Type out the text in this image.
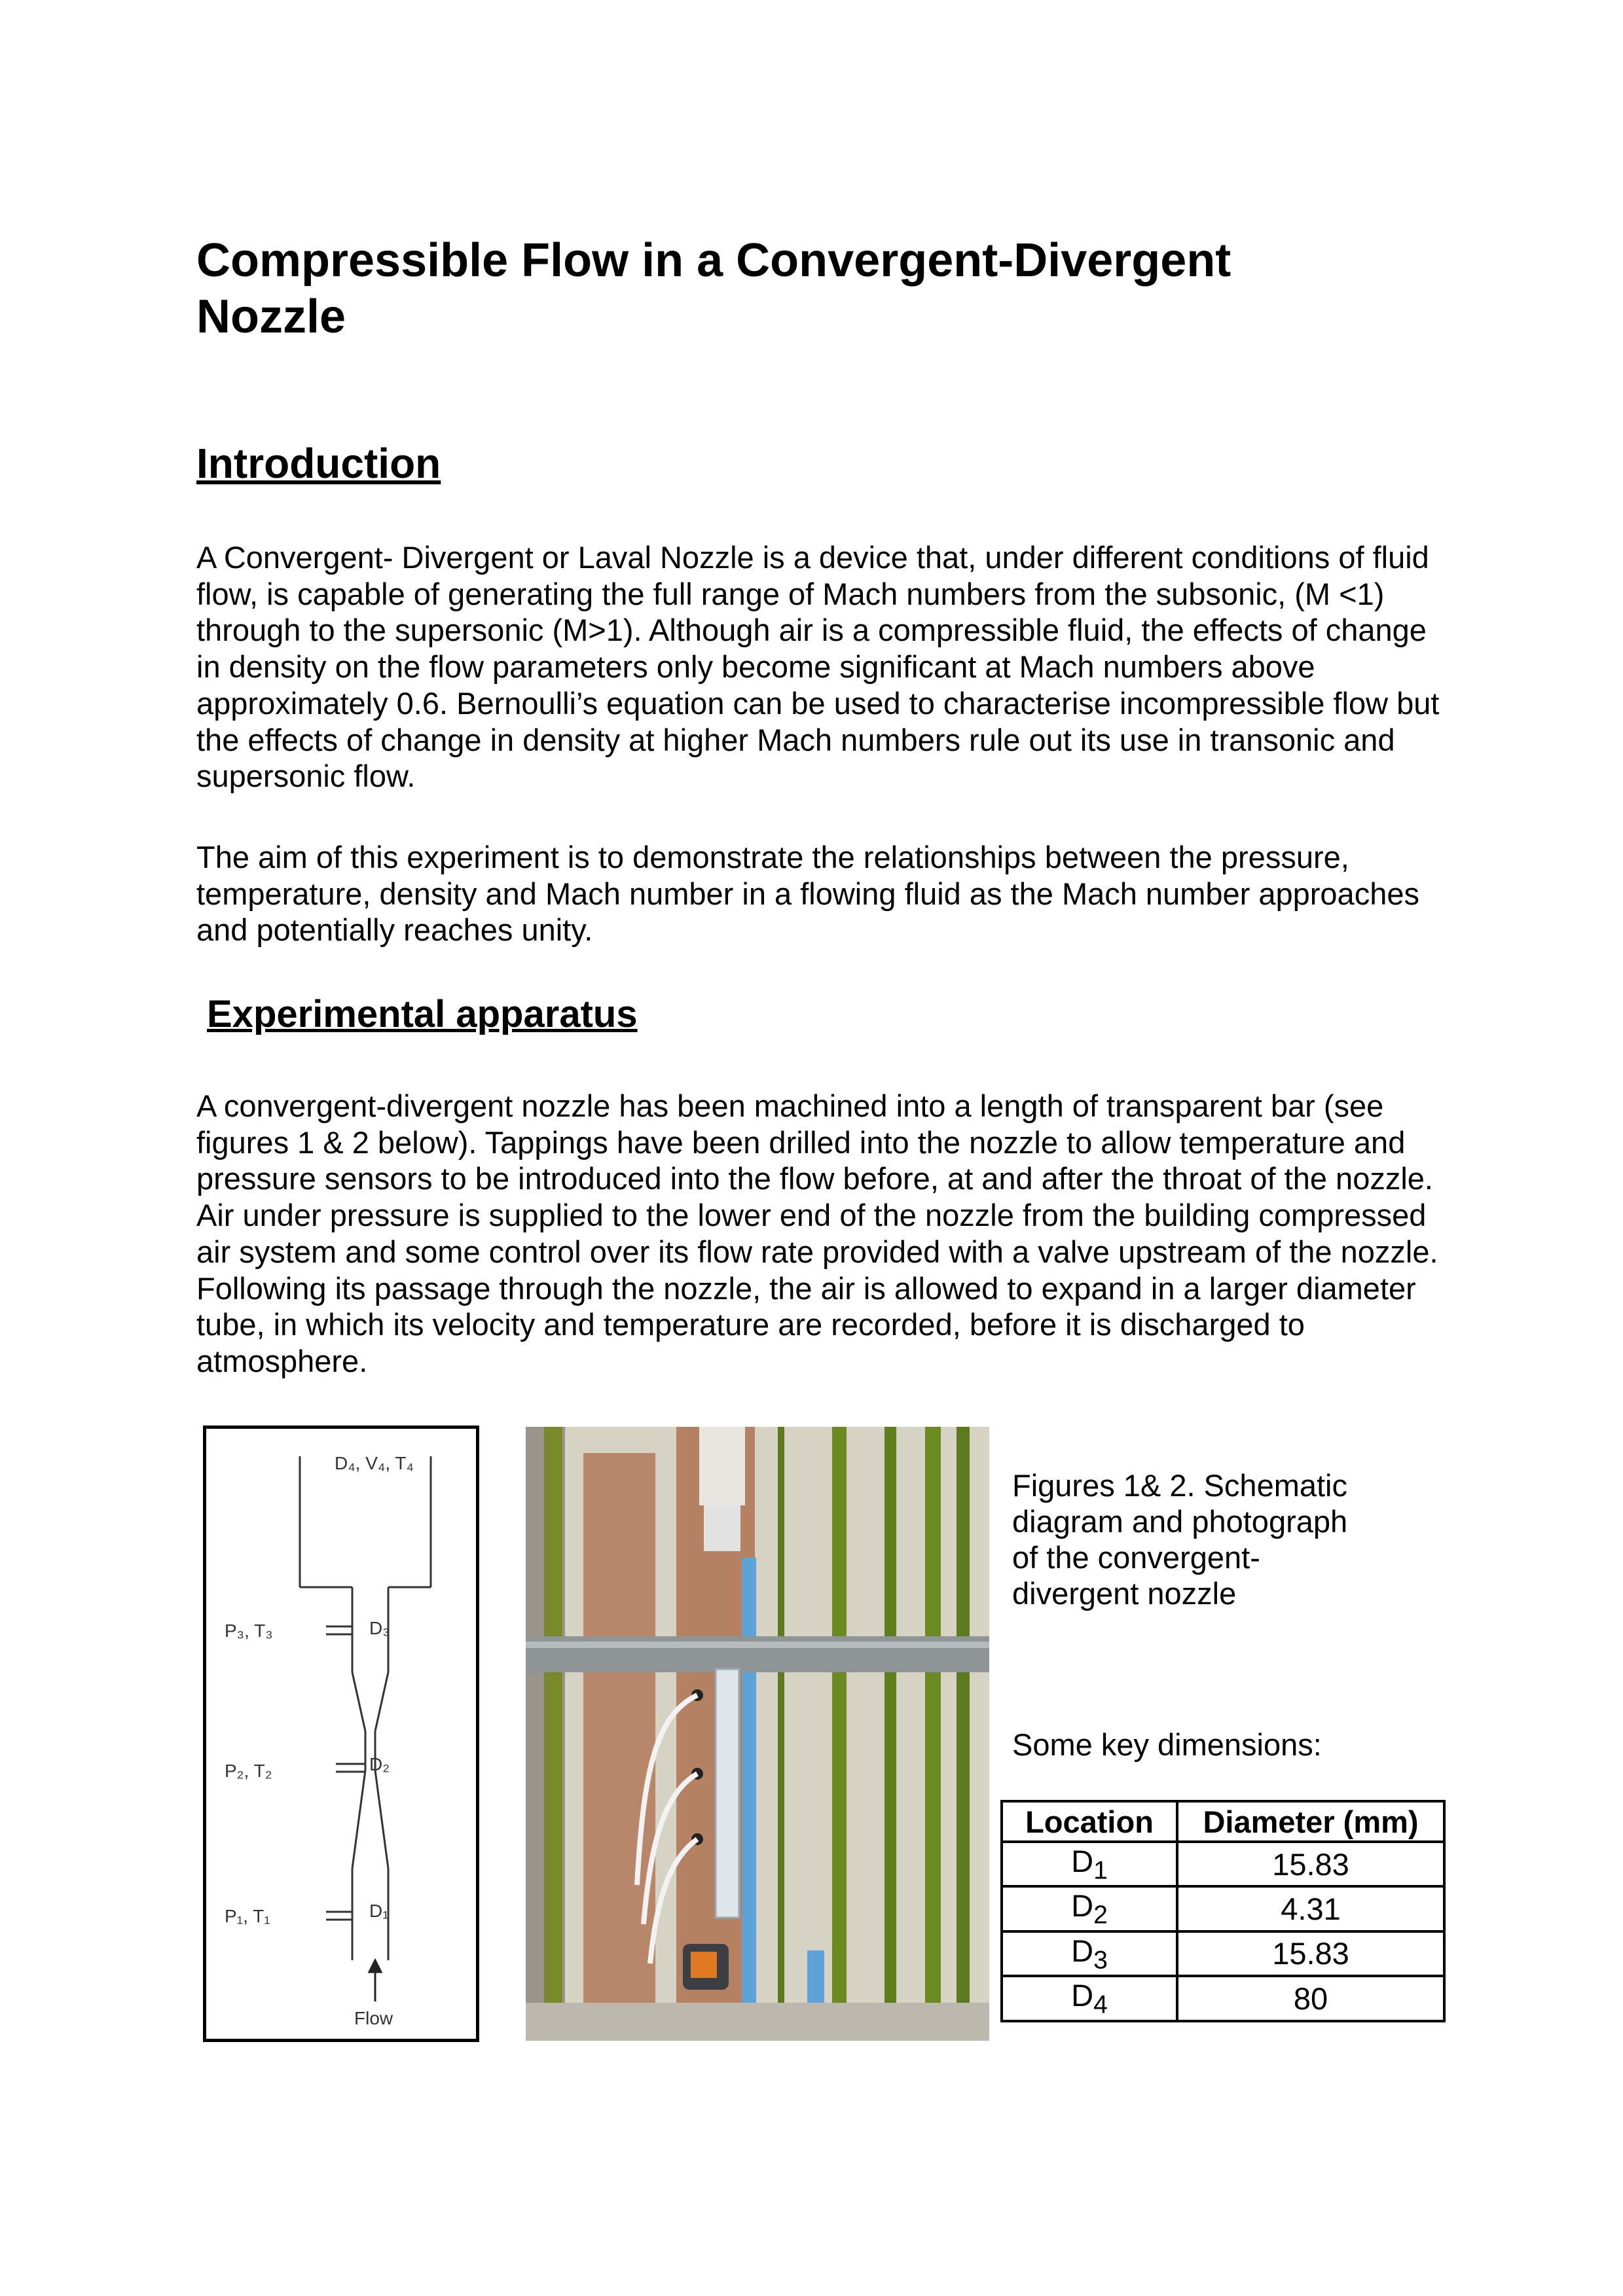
Compressible Flow in a Convergent-Divergent Nozzle
Introduction

A Convergent- Divergent or Laval Nozzle is a device that, under different conditions of fluid flow, is capable of generating the full range of Mach numbers from the subsonic, (M <1) through to the supersonic (M>1). Although air is a compressible fluid, the effects of change in density on the flow parameters only become significant at Mach numbers above approximately 0.6. Bernoulli’s equation can be used to characterise incompressible flow but the effects of change in density at higher Mach numbers rule out its use in transonic and supersonic flow.

The aim of this experiment is to demonstrate the relationships between the pressure, temperature, density and Mach number in a flowing fluid as the Mach number approaches and potentially reaches unity.

Experimental apparatus

A convergent-divergent nozzle has been machined into a length of transparent bar (see figures 1 & 2 below). Tappings have been drilled into the nozzle to allow temperature and pressure sensors to be introduced into the flow before, at and after the throat of the nozzle. Air under pressure is supplied to the lower end of the nozzle from the building compressed air system and some control over its flow rate provided with a valve upstream of the nozzle. Following its passage through the nozzle, the air is allowed to expand in a larger diameter tube, in which its velocity and temperature are recorded, before it is discharged to atmosphere.

D₄, V₄, T₄
P₃, T₃	D₃
P₂, T₂	D₂
P₁, T₁	D₁
Flow
Figures 1& 2. Schematic diagram and photograph of the convergent-divergent nozzle
Some key dimensions:
Location	Diameter (mm)
$D_1$	15.83
$D_2$	4.31
$D_3$	15.83
$D_4$	80
